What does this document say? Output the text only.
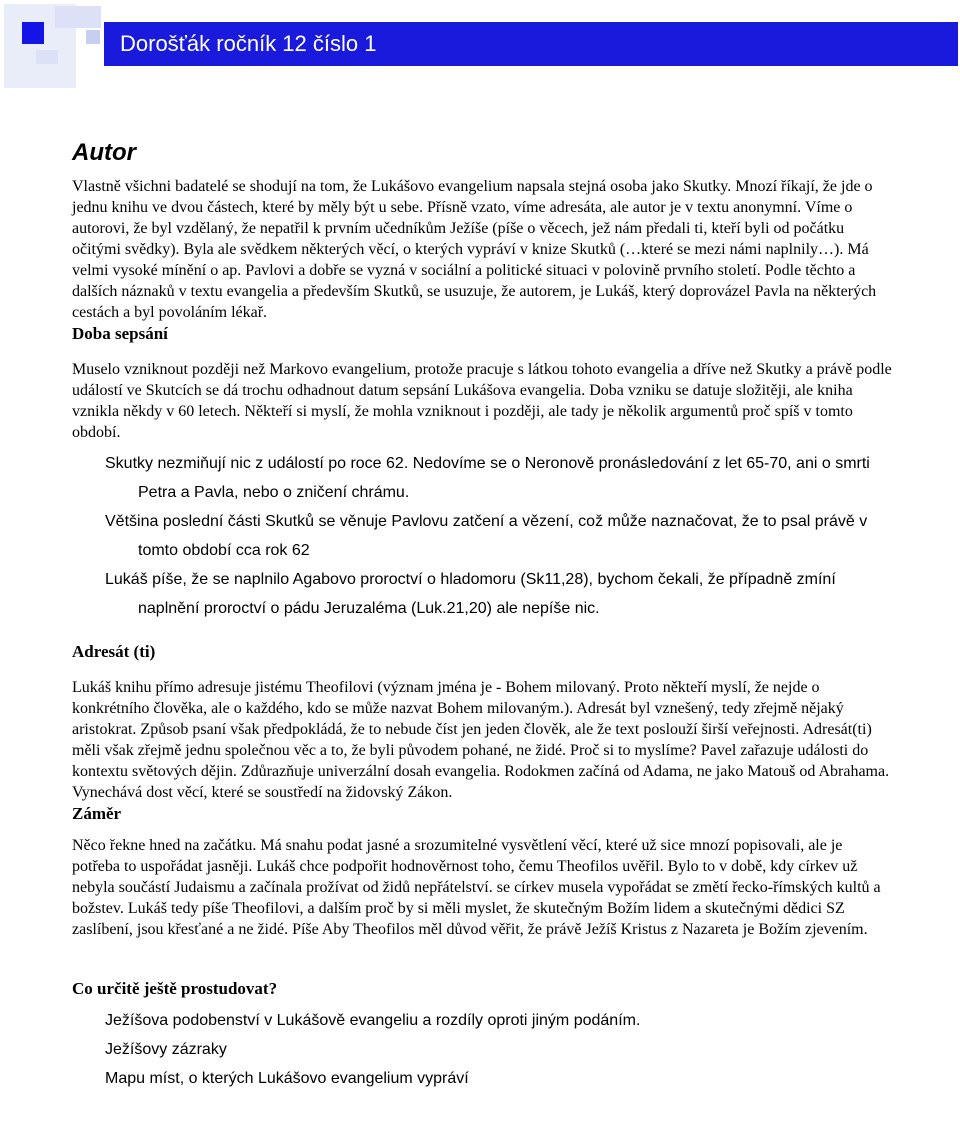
Dorošťák ročník 12 číslo 1
Autor

Vlastně všichni badatelé se shodují na tom, že Lukášovo evangelium napsala stejná osoba jako Skutky. Mnozí říkají, že jde o jednu knihu ve dvou částech, které by měly být u sebe. Přísně vzato, víme adresáta, ale autor je v textu anonymní. Víme o autorovi, že byl vzdělaný, že nepatřil k prvním učedníkům Ježíše (píše o věcech, jež nám předali ti, kteří byli od počátku očitými svědky). Byla ale svědkem některých věcí, o kterých vypráví v knize Skutků (…které se mezi námi naplnily…). Má velmi vysoké mínění o ap. Pavlovi a dobře se vyzná v sociální a politické situaci v polovině prvního století. Podle těchto a dalších náznaků v textu evangelia a především Skutků, se usuzuje, že autorem, je Lukáš, který doprovázel Pavla na některých cestách a byl povoláním lékař.

Doba sepsání

Muselo vzniknout později než Markovo evangelium, protože pracuje s látkou tohoto evangelia a dříve než Skutky a právě podle událostí ve Skutcích se dá trochu odhadnout datum sepsání Lukášova evangelia. Doba vzniku se datuje složitěji, ale kniha vznikla někdy v 60 letech. Někteří si myslí, že mohla vzniknout i později, ale tady je několik argumentů proč spíš v tomto období.

Skutky nezmiňují nic z událostí po roce 62. Nedovíme se o Neronově pronásledování z let 65-70, ani o smrti Petra a Pavla, nebo o zničení chrámu.
Většina poslední části Skutků se věnuje Pavlovu zatčení a vězení, což může naznačovat, že to psal právě v tomto období cca rok 62
Lukáš píše, že se naplnilo Agabovo proroctví o hladomoru (Sk11,28), bychom čekali, že případně zmíní naplnění proroctví o pádu Jeruzaléma (Luk.21,20) ale nepíše nic.
Adresát (ti)

Lukáš knihu přímo adresuje jistému Theofilovi (význam jména je - Bohem milovaný. Proto někteří myslí, že nejde o konkrétního člověka, ale o každého, kdo se může nazvat Bohem milovaným.). Adresát byl vznešený, tedy zřejmě nějaký aristokrat. Způsob psaní však předpokládá, že to nebude číst jen jeden člověk, ale že text poslouží širší veřejnosti. Adresát(ti) měli však zřejmě jednu společnou věc a to, že byli původem pohané, ne židé. Proč si to myslíme? Pavel zařazuje události do kontextu světových dějin. Zdůrazňuje univerzální dosah evangelia. Rodokmen začíná od Adama, ne jako Matouš od Abrahama. Vynechává dost věcí, které se soustředí na židovský Zákon.

Záměr

Něco řekne hned na začátku. Má snahu podat jasné a srozumitelné vysvětlení věcí, které už sice mnozí popisovali, ale je potřeba to uspořádat jasněji. Lukáš chce podpořit hodnověrnost toho, čemu Theofilos uvěřil. Bylo to v době, kdy církev už nebyla součástí Judaismu a začínala prožívat od židů nepřátelství. se církev musela vypořádat se změtí řecko-římských kultů a božstev. Lukáš tedy píše Theofilovi, a dalším proč by si měli myslet, že skutečným Božím lidem a skutečnými dědici SZ zaslíbení, jsou křesťané a ne židé. Píše Aby Theofilos měl důvod věřit, že právě Ježíš Kristus z Nazareta je Božím zjevením.

Co určitě ještě prostudovat?
Ježíšova podobenství v Lukášově evangeliu a rozdíly oproti jiným podáním.
Ježíšovy zázraky
Mapu míst, o kterých Lukášovo evangelium vypráví
